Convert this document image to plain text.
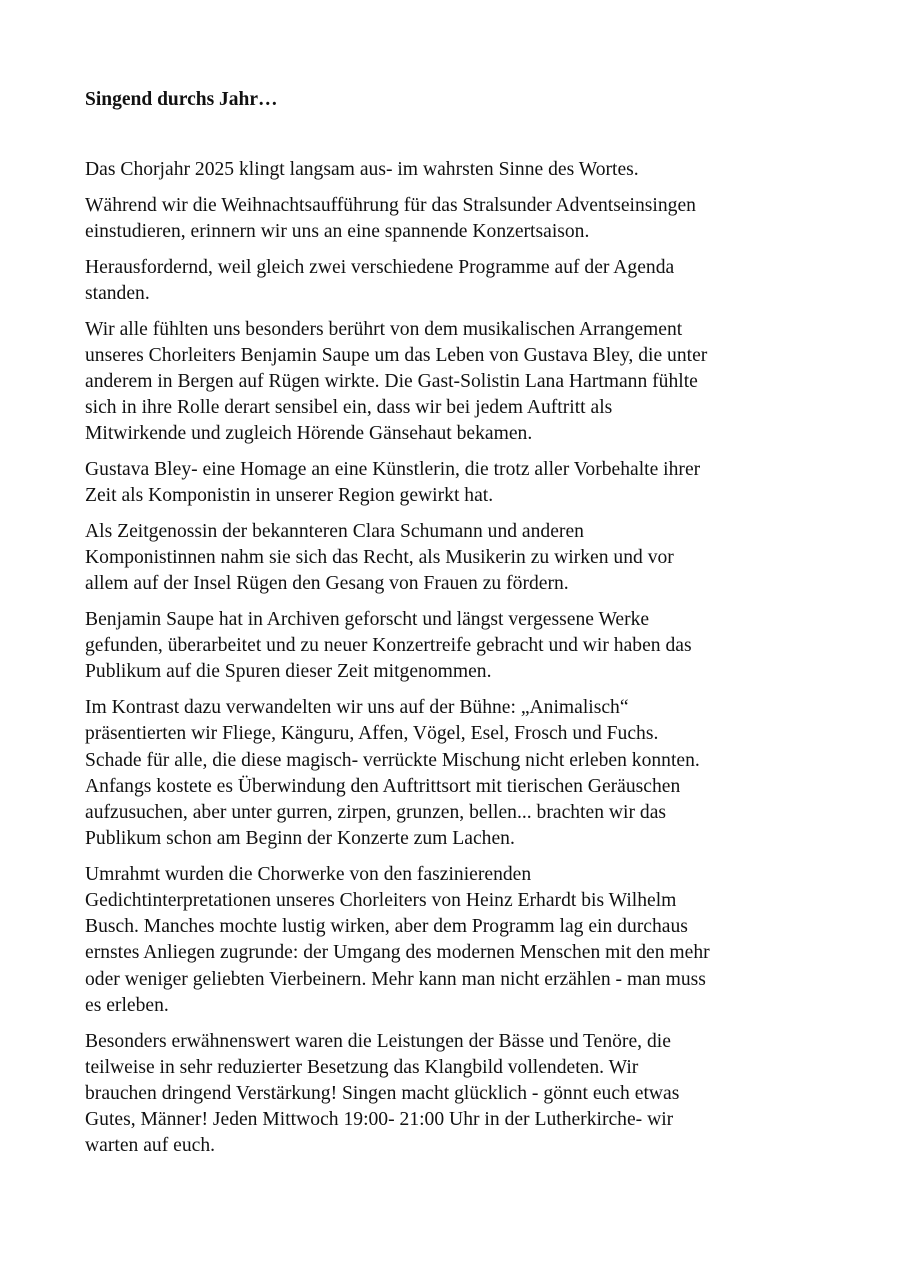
Singend durchs Jahr…

Das Chorjahr 2025 klingt langsam aus- im wahrsten Sinne des Wortes.

Während wir die Weihnachtsaufführung für das Stralsunder Adventseinsingen
einstudieren, erinnern wir uns an eine spannende Konzertsaison.

Herausfordernd, weil gleich zwei verschiedene Programme auf der Agenda
standen.

Wir alle fühlten uns besonders berührt von dem musikalischen Arrangement
unseres Chorleiters Benjamin Saupe um das Leben von Gustava Bley, die unter
anderem in Bergen auf Rügen wirkte. Die Gast-Solistin Lana Hartmann fühlte
sich in ihre Rolle derart sensibel ein, dass wir bei jedem Auftritt als
Mitwirkende und zugleich Hörende Gänsehaut bekamen.

Gustava Bley- eine Homage an eine Künstlerin, die trotz aller Vorbehalte ihrer
Zeit als Komponistin in unserer Region gewirkt hat.

Als Zeitgenossin der bekannteren Clara Schumann und anderen
Komponistinnen nahm sie sich das Recht, als Musikerin zu wirken und vor
allem auf der Insel Rügen den Gesang von Frauen zu fördern.

Benjamin Saupe hat in Archiven geforscht und längst vergessene Werke
gefunden, überarbeitet und zu neuer Konzertreife gebracht und wir haben das
Publikum auf die Spuren dieser Zeit mitgenommen.

Im Kontrast dazu verwandelten wir uns auf der Bühne: „Animalisch“
präsentierten wir Fliege, Känguru, Affen, Vögel, Esel, Frosch und Fuchs.
Schade für alle, die diese magisch- verrückte Mischung nicht erleben konnten.
Anfangs kostete es Überwindung den Auftrittsort mit tierischen Geräuschen
aufzusuchen, aber unter gurren, zirpen, grunzen, bellen... brachten wir das
Publikum schon am Beginn der Konzerte zum Lachen.

Umrahmt wurden die Chorwerke von den faszinierenden
Gedichtinterpretationen unseres Chorleiters von Heinz Erhardt bis Wilhelm
Busch. Manches mochte lustig wirken, aber dem Programm lag ein durchaus
ernstes Anliegen zugrunde: der Umgang des modernen Menschen mit den mehr
oder weniger geliebten Vierbeinern. Mehr kann man nicht erzählen - man muss
es erleben.

Besonders erwähnenswert waren die Leistungen der Bässe und Tenöre, die
teilweise in sehr reduzierter Besetzung das Klangbild vollendeten. Wir
brauchen dringend Verstärkung! Singen macht glücklich - gönnt euch etwas
Gutes, Männer! Jeden Mittwoch 19:00- 21:00 Uhr in der Lutherkirche- wir
warten auf euch.
